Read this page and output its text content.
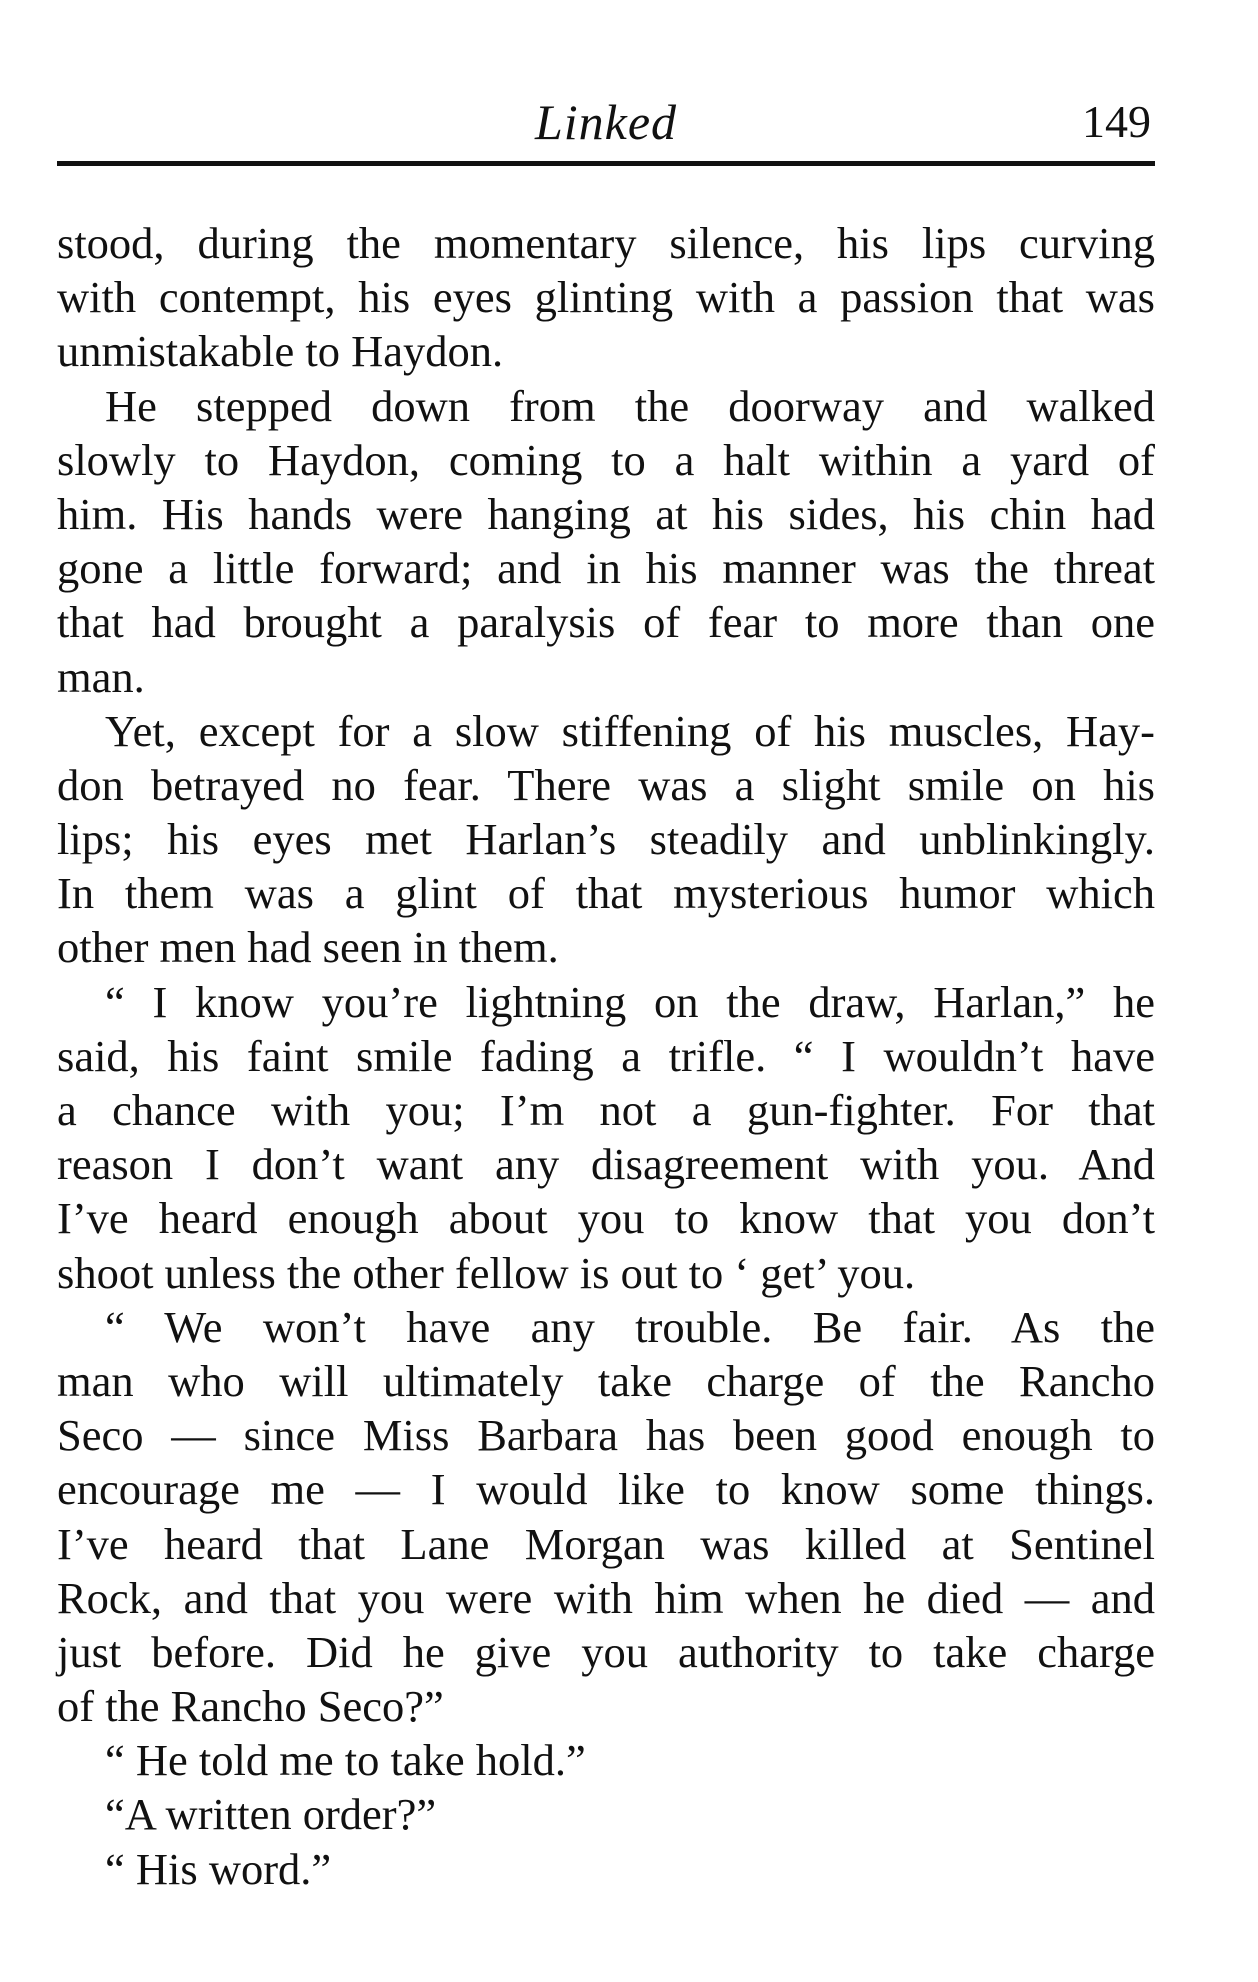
Linked	149
stood, during the momentary silence, his lips curving
with contempt, his eyes glinting with a passion that was
unmistakable to Haydon.
He stepped down from the doorway and walked
slowly to Haydon, coming to a halt within a yard of
him. His hands were hanging at his sides, his chin had
gone a little forward; and in his manner was the threat
that had brought a paralysis of fear to more than one
man.
Yet, except for a slow stiffening of his muscles, Hay-
don betrayed no fear. There was a slight smile on his
lips; his eyes met Harlan’s steadily and unblinkingly.
In them was a glint of that mysterious humor which
other men had seen in them.
“ I know you’re lightning on the draw, Harlan,” he
said, his faint smile fading a trifle. “ I wouldn’t have
a chance with you; I’m not a gun-fighter. For that
reason I don’t want any disagreement with you. And
I’ve heard enough about you to know that you don’t
shoot unless the other fellow is out to ‘ get’ you.
“ We won’t have any trouble. Be fair. As the
man who will ultimately take charge of the Rancho
Seco — since Miss Barbara has been good enough to
encourage me — I would like to know some things.
I’ve heard that Lane Morgan was killed at Sentinel
Rock, and that you were with him when he died — and
just before. Did he give you authority to take charge
of the Rancho Seco?”
“ He told me to take hold.”
“A written order?”
“ His word.”
